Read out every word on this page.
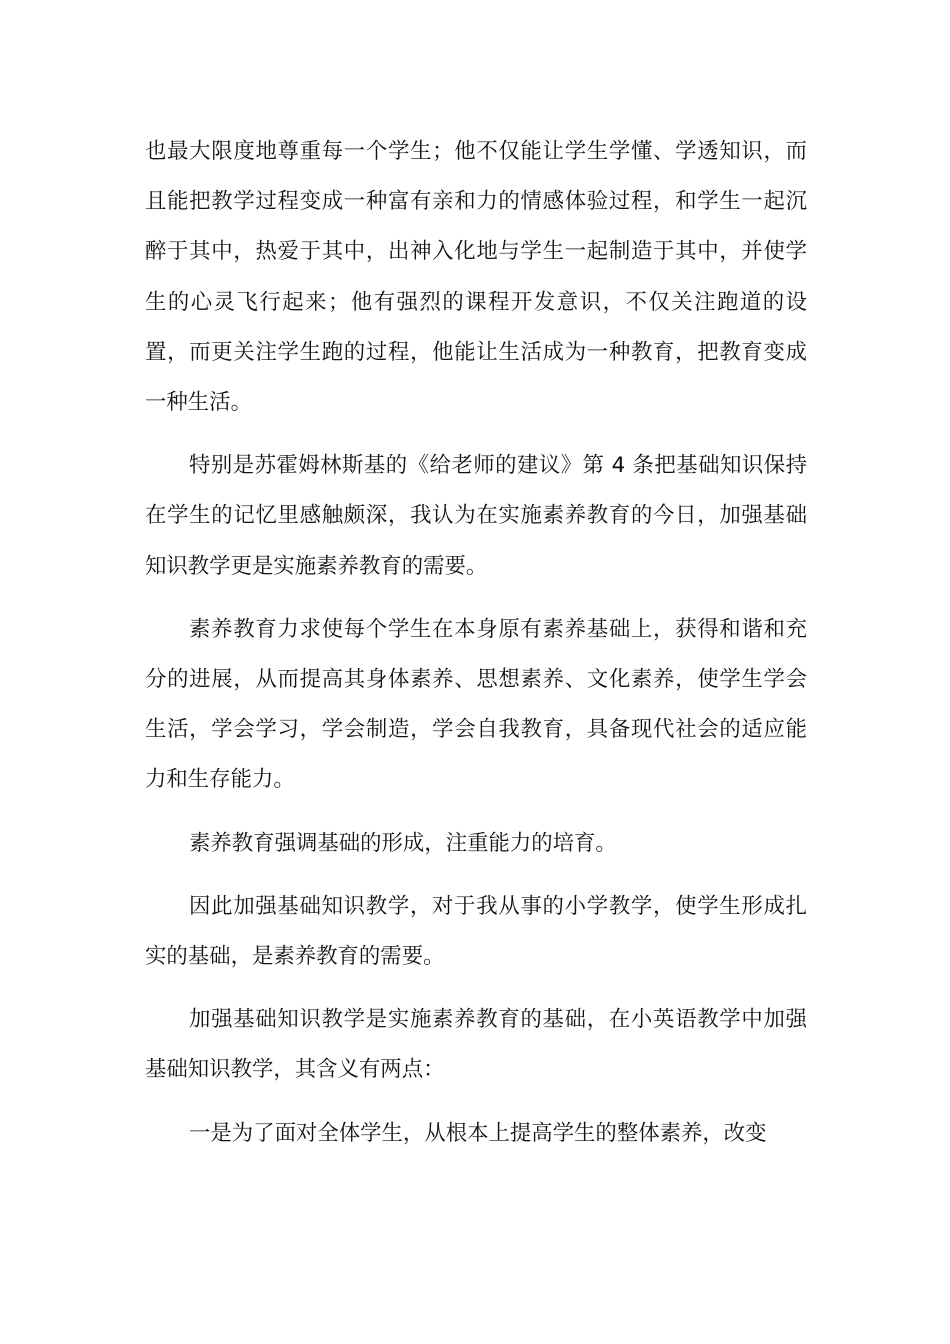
也最大限度地尊重每一个学生；他不仅能让学生学懂、学透知识，而且能把教学过程变成一种富有亲和力的情感体验过程，和学生一起沉醉于其中，热爱于其中，出神入化地与学生一起制造于其中，并使学生的心灵飞行起来；他有强烈的课程开发意识，不仅关注跑道的设置，而更关注学生跑的过程，他能让生活成为一种教育，把教育变成一种生活。

特别是苏霍姆林斯基的《给老师的建议》第 4 条把基础知识保持在学生的记忆里感触颇深，我认为在实施素养教育的今日，加强基础知识教学更是实施素养教育的需要。

素养教育力求使每个学生在本身原有素养基础上，获得和谐和充分的进展，从而提高其身体素养、思想素养、文化素养，使学生学会生活，学会学习，学会制造，学会自我教育，具备现代社会的适应能力和生存能力。

素养教育强调基础的形成，注重能力的培育。

因此加强基础知识教学，对于我从事的小学教学，使学生形成扎实的基础，是素养教育的需要。

加强基础知识教学是实施素养教育的基础，在小英语教学中加强基础知识教学，其含义有两点：

一是为了面对全体学生，从根本上提高学生的整体素养，改变
